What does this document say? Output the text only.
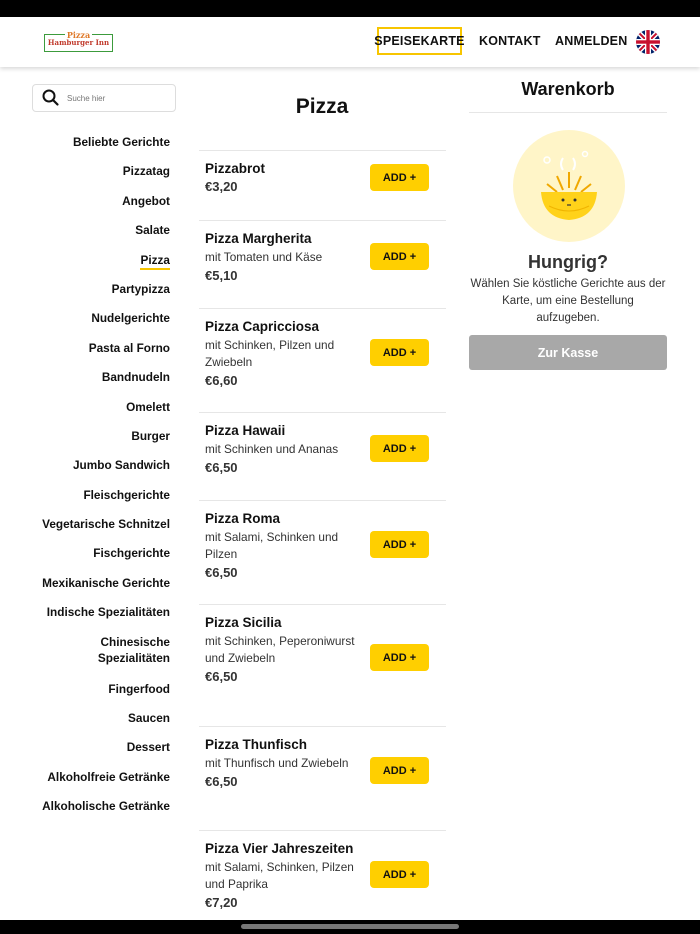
Pizza
Hamburger Inn	SPEISEKARTE KONTAKT ANMELDEN
Suche hier
Beliebte Gerichte
Pizzatag
Angebot
Salate
Pizza
Partypizza
Nudelgerichte
Pasta al Forno
Bandnudeln
Omelett
Burger
Jumbo Sandwich
Fleischgerichte
Vegetarische Schnitzel
Fischgerichte
Mexikanische Gerichte
Indische Spezialitäten
Chinesische Spezialitäten
Fingerfood
Saucen
Dessert
Alkoholfreie Getränke
Alkoholische Getränke
Pizza
Pizzabrot
€3,20
ADD +
Pizza Margherita
mit Tomaten und Käse
€5,10
ADD +
Pizza Capricciosa
mit Schinken, Pilzen und Zwiebeln
€6,60
ADD +
Pizza Hawaii
mit Schinken und Ananas
€6,50
ADD +
Pizza Roma
mit Salami, Schinken und Pilzen
€6,50
ADD +
Pizza Sicilia
mit Schinken, Peperoniwurst und Zwiebeln
€6,50
ADD +
Pizza Thunfisch
mit Thunfisch und Zwiebeln
€6,50
ADD +
Pizza Vier Jahreszeiten
mit Salami, Schinken, Pilzen und Paprika
€7,20
ADD +
Warenkorb
Hungrig?
Wählen Sie köstliche Gerichte aus der Karte, um eine Bestellung aufzugeben.
Zur Kasse
